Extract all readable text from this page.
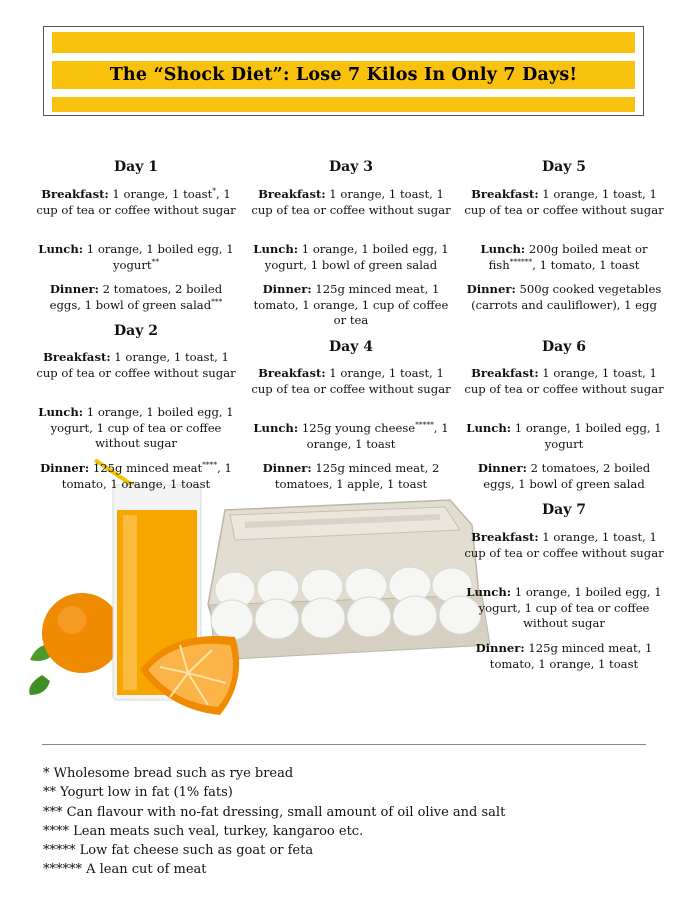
The “Shock Diet”: Lose 7 Kilos In Only 7 Days!
Day 1
Breakfast: 1 orange, 1 toast*, 1 cup of tea or coffee without sugar
Lunch: 1 orange, 1 boiled egg, 1 yogurt**
Dinner: 2 tomatoes, 2 boiled eggs, 1 bowl of green salad***
Day 2
Breakfast: 1 orange, 1 toast, 1 cup of tea or coffee without sugar
Lunch: 1 orange, 1 boiled egg, 1 yogurt, 1 cup of tea or coffee without sugar
Dinner: 125g minced meat****, 1 tomato, 1 orange, 1 toast
Day 3
Breakfast: 1 orange, 1 toast, 1 cup of tea or coffee without sugar
Lunch: 1 orange, 1 boiled egg, 1 yogurt, 1 bowl of green salad
Dinner: 125g minced meat, 1 tomato, 1 orange, 1 cup of coffee or tea
Day 4
Breakfast: 1 orange, 1 toast, 1 cup of tea or coffee without sugar
Lunch: 125g young cheese*****, 1 orange, 1 toast
Dinner: 125g minced meat, 2 tomatoes, 1 apple, 1 toast
Day 5
Breakfast: 1 orange, 1 toast, 1 cup of tea or coffee without sugar
Lunch: 200g boiled meat or fish******, 1 tomato, 1 toast
Dinner: 500g cooked vegetables (carrots and cauliflower), 1 egg
Day 6
Breakfast: 1 orange, 1 toast, 1 cup of tea or coffee without sugar
Lunch: 1 orange, 1 boiled egg, 1 yogurt
Dinner: 2 tomatoes, 2 boiled eggs, 1 bowl of green salad
Day 7
Breakfast: 1 orange, 1 toast, 1 cup of tea or coffee without sugar
Lunch: 1 orange, 1 boiled egg, 1 yogurt, 1 cup of tea or coffee without sugar
Dinner: 125g minced meat, 1 tomato, 1 orange, 1 toast
* Wholesome bread such as rye bread
** Yogurt low in fat (1% fats)
*** Can flavour with no-fat dressing, small amount of oil olive and salt
**** Lean meats such veal, turkey, kangaroo etc.
***** Low fat cheese such as goat or feta
****** A lean cut of meat
